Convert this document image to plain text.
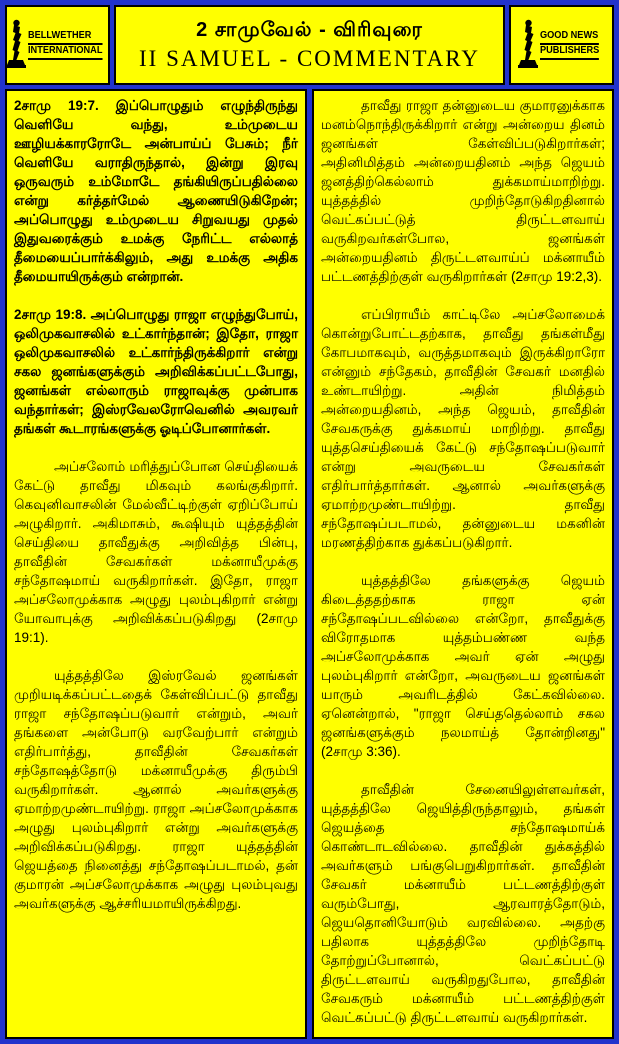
BELLWETHER
INTERNATIONAL
2 சாமுவேல் - விரிவுரை
II SAMUEL - COMMENTARY
GOOD NEWS
PUBLISHERS

2சாமு 19:7. இப்பொழுதும் எழுந்திருந்து வெளியே வந்து, உம்முடைய ஊழியக்காரரோடே அன்பாய்ப் பேசும்; நீர் வெளியே வராதிருந்தால், இன்று இரவு ஒருவரும் உம்மோடே தங்கியிருப்பதில்லை என்று கர்த்தர்மேல் ஆணையிடுகிறேன்; அப்பொழுது உம்முடைய சிறுவயது முதல் இதுவரைக்கும் உமக்கு நேரிட்ட எல்லாத் தீமையைப்பார்க்கிலும், அது உமக்கு அதிக தீமையாயிருக்கும் என்றான்.

2சாமு 19:8. அப்பொழுது ராஜா எழுந்துபோய், ஒலிமுகவாசலில் உட்கார்ந்தான்; இதோ, ராஜா ஒலிமுகவாசலில் உட்கார்ந்திருக்கிறார் என்று சகல ஜனங்களுக்கும் அறிவிக்கப்பட்டபோது, ஜனங்கள் எல்லாரும் ராஜாவுக்கு முன்பாக வந்தார்கள்; இஸ்ரவேலரோவெனில் அவரவர் தங்கள் கூடாரங்களுக்கு ஓடிப்போனார்கள்.

அப்சலோம் மரித்துப்போன செய்தியைக் கேட்டு தாவீது மிகவும் கலங்குகிறார். கெவுனிவாசலின் மேல்வீட்டிற்குள் ஏறிப்போய் அழுகிறார். அகிமாசும், கூஷியும் யுத்தத்தின் செய்தியை தாவீதுக்கு அறிவித்த பின்பு, தாவீதின் சேவகர்கள் மக்னாயீமுக்கு சந்தோஷமாய் வருகிறார்கள். இதோ, ராஜா அப்சலோமுக்காக அழுது புலம்புகிறார் என்று யோவாபுக்கு அறிவிக்கப்படுகிறது (2சாமு 19:1).

யுத்தத்திலே இஸ்ரவேல் ஜனங்கள் முறியடிக்கப்பட்டதைக் கேள்விப்பட்டு தாவீது ராஜா சந்தோஷப்படுவார் என்றும், அவர் தங்களை அன்போடு வரவேற்பார் என்றும் எதிர்பார்த்து, தாவீதின் சேவகர்கள் சந்தோஷத்தோடு மக்னாயீமுக்கு திரும்பி வருகிறார்கள். ஆனால் அவர்களுக்கு ஏமாற்றமுண்டாயிற்று. ராஜா அப்சலோமுக்காக அழுது புலம்புகிறார் என்று அவர்களுக்கு அறிவிக்கப்படுகிறது. ராஜா யுத்தத்தின் ஜெயத்தை நினைத்து சந்தோஷப்படாமல், தன் குமாரன் அப்சலோமுக்காக அழுது புலம்புவது அவர்களுக்கு ஆச்சரியமாயிருக்கிறது.

தாவீது ராஜா தன்னுடைய குமாரனுக்காக மனம்நொந்திருக்கிறார் என்று அன்றைய தினம் ஜனங்கள் கேள்விப்படுகிறார்கள்; அதினிமித்தம் அன்றையதினம் அந்த ஜெயம் ஜனத்திற்கெல்லாம் துக்கமாய்மாறிற்று. யுத்தத்தில் முறிந்தோடுகிறதினால் வெட்கப்பட்டுத் திருட்டளவாய் வருகிறவர்கள்போல, ஜனங்கள் அன்றையதினம் திருட்டளவாய்ப் மக்னாயீம் பட்டணத்திற்குள் வருகிறார்கள் (2சாமு 19:2,3).

எப்பிராயீம் காட்டிலே அப்சலோமைக் கொன்றுபோட்டதற்காக, தாவீது தங்கள்மீது கோபமாகவும், வருத்தமாகவும் இருக்கிறாரோ என்னும் சந்தேகம், தாவீதின் சேவகர் மனதில் உண்டாயிற்று. அதின் நிமித்தம் அன்றையதினம், அந்த ஜெயம், தாவீதின் சேவகருக்கு துக்கமாய் மாறிற்று. தாவீது யுத்தசெய்தியைக் கேட்டு சந்தோஷப்படுவார் என்று அவருடைய சேவகர்கள் எதிர்பார்த்தார்கள். ஆனால் அவர்களுக்கு ஏமாற்றமுண்டாயிற்று. தாவீது சந்தோஷப்படாமல், தன்னுடைய மகனின் மரணத்திற்காக துக்கப்படுகிறார்.

யுத்தத்திலே தங்களுக்கு ஜெயம் கிடைத்ததற்காக ராஜா ஏன் சந்தோஷப்படவில்லை என்றோ, தாவீதுக்கு விரோதமாக யுத்தம்பண்ண வந்த அப்சலோமுக்காக அவர் ஏன் அழுது புலம்புகிறார் என்றோ, அவருடைய ஜனங்கள் யாரும் அவரிடத்தில் கேட்கவில்லை. ஏனென்றால், "ராஜா செய்ததெல்லாம் சகல ஜனங்களுக்கும் நலமாய்த் தோன்றினது" (2சாமு 3:36).

தாவீதின் சேனையிலுள்ளவர்கள், யுத்தத்திலே ஜெயித்திருந்தாலும், தங்கள் ஜெயத்தை சந்தோஷமாய்க் கொண்டாடவில்லை. தாவீதின் துக்கத்தில் அவர்களும் பங்குபெறுகிறார்கள். தாவீதின் சேவகர் மக்னாயீம் பட்டணத்திற்குள் வரும்போது, ஆரவாரத்தோடும், ஜெயதொனியோடும் வரவில்லை. அதற்கு பதிலாக யுத்தத்திலே முறிந்தோடி தோற்றுப்போனால், வெட்கப்பட்டு திருட்டளவாய் வருகிறதுபோல, தாவீதின் சேவகரும் மக்னாயீம் பட்டணத்திற்குள் வெட்கப்பட்டு திருட்டளவாய் வருகிறார்கள்.
